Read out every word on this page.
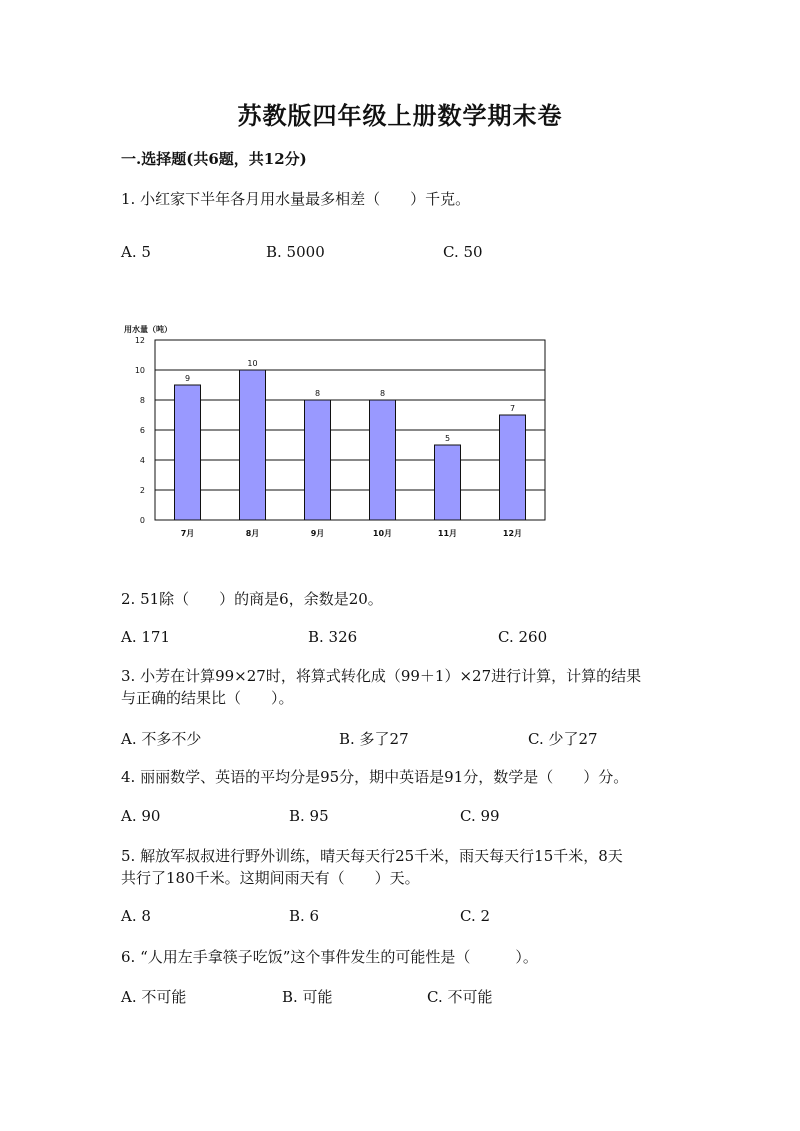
苏教版四年级上册数学期末卷
一.选择题(共6题，共12分)
1. 小红家下半年各月用水量最多相差（　　）千克。
A. 5	B. 5000	C. 50
用水量（吨）
0
2
4
6
8
10
12
9
7月
10
8月
8
9月
8
10月
5
11月
7
12月
2. 51除（　　）的商是6，余数是20。
A. 171	B. 326	C. 260
3. 小芳在计算99×27时，将算式转化成（99＋1）×27进行计算，计算的结果
与正确的结果比（　　）。
A. 不多不少	B. 多了27	C. 少了27
4. 丽丽数学、英语的平均分是95分，期中英语是91分，数学是（　　）分。
A. 90	B. 95	C. 99
5. 解放军叔叔进行野外训练，晴天每天行25千米，雨天每天行15千米，8天
共行了180千米。这期间雨天有（　　）天。
A. 8	B. 6	C. 2
6. “人用左手拿筷子吃饭”这个事件发生的可能性是（　　　）。
A. 不可能	B. 可能	C. 不可能
